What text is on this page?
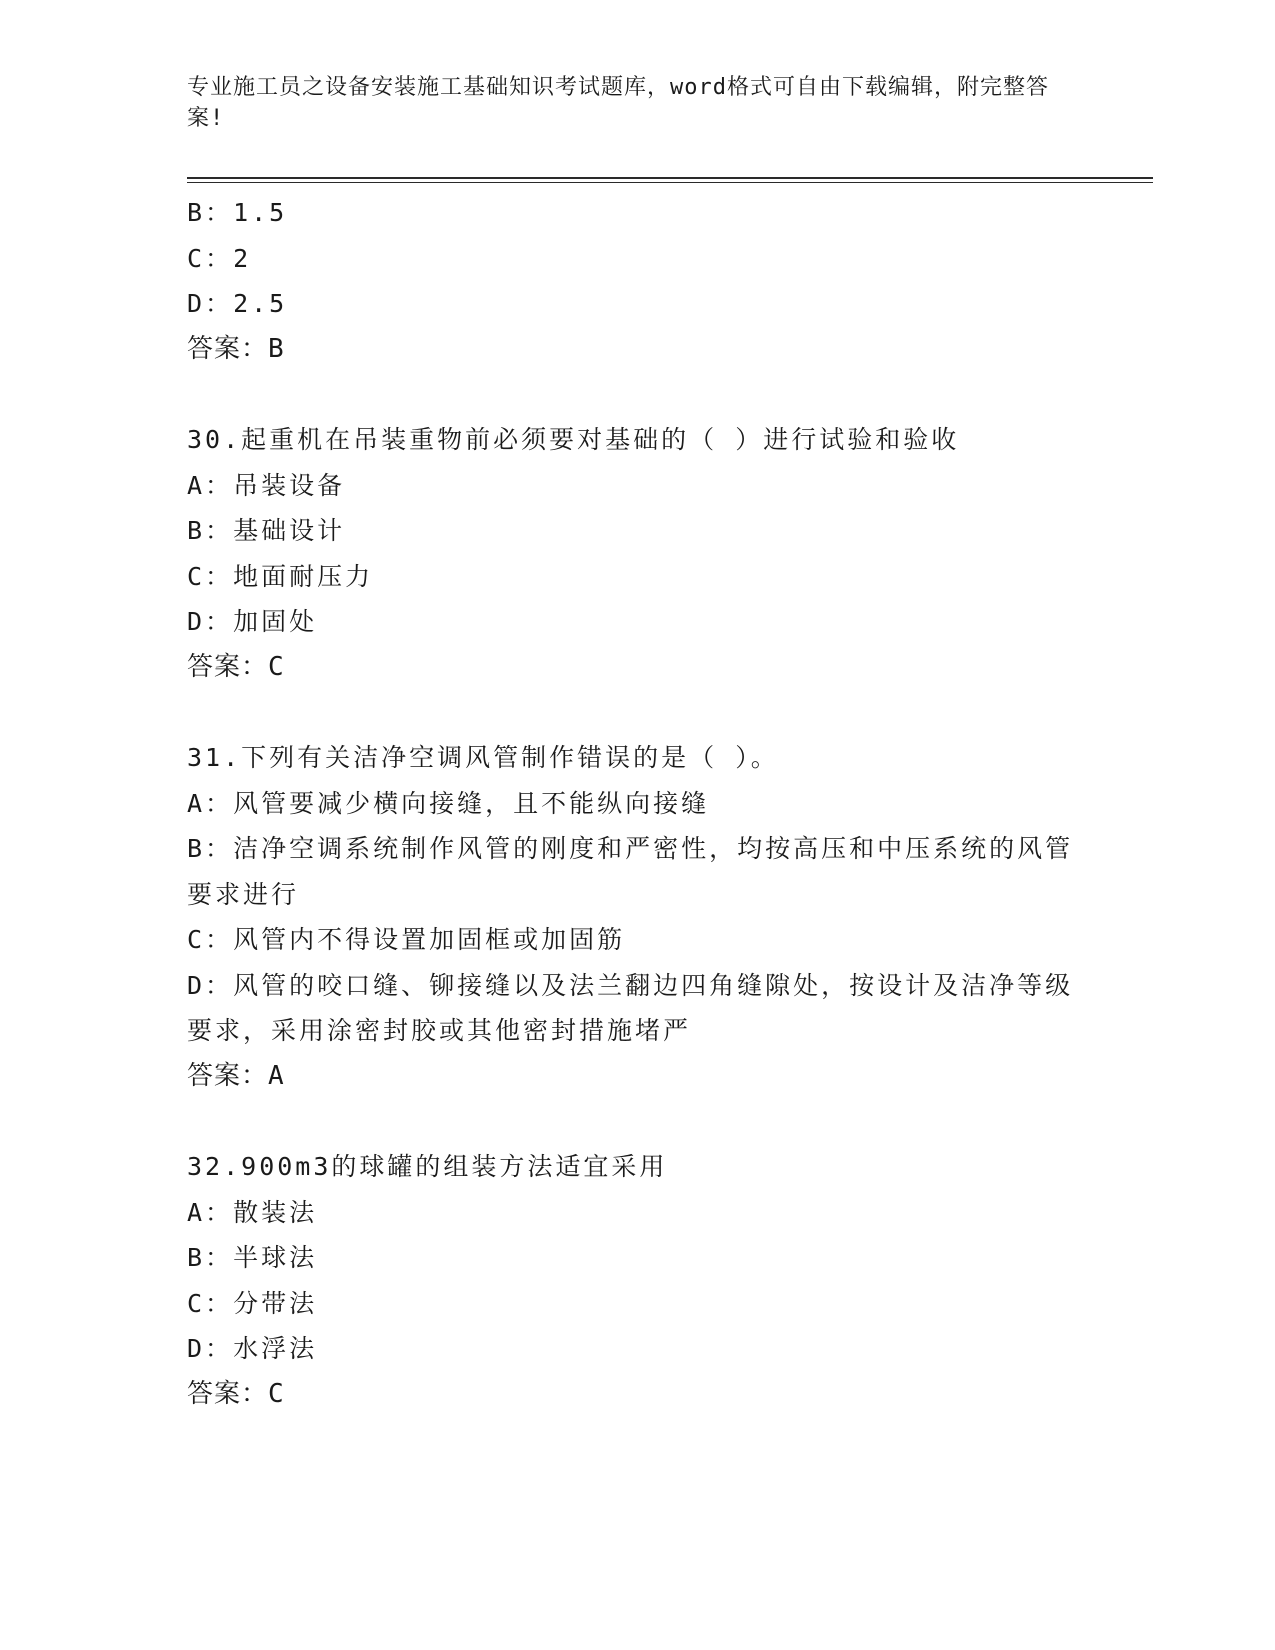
专业施工员之设备安装施工基础知识考试题库，word格式可自由下载编辑，附完整答案!
B：1.5
C：2
D：2.5
答案：B
30.起重机在吊装重物前必须要对基础的（ ）进行试验和验收
A：吊装设备
B：基础设计
C：地面耐压力
D：加固处
答案：C
31.下列有关洁净空调风管制作错误的是（ ）。
A：风管要减少横向接缝，且不能纵向接缝
B：洁净空调系统制作风管的刚度和严密性，均按高压和中压系统的风管要求进行
C：风管内不得设置加固框或加固筋
D：风管的咬口缝、铆接缝以及法兰翻边四角缝隙处，按设计及洁净等级要求，采用涂密封胶或其他密封措施堵严
答案：A
32.900m3的球罐的组装方法适宜采用
A：散装法
B：半球法
C：分带法
D：水浮法
答案：C
